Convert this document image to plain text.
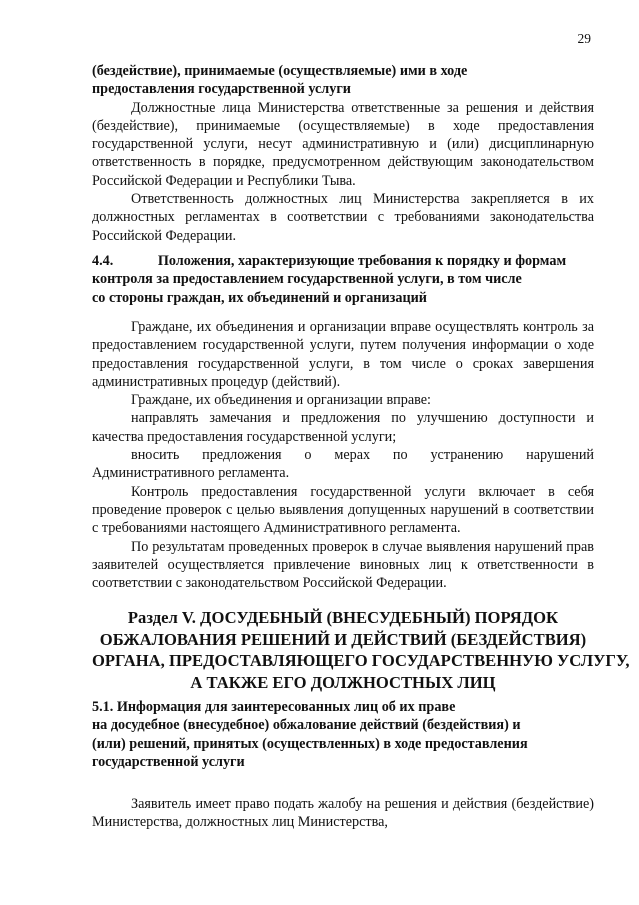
29

(бездействие), принимаемые (осуществляемые) ими в ходе

предоставления государственной услуги

Должностные лица Министерства ответственные за решения и действия (бездействие), принимаемые (осуществляемые) в ходе предоставления государственной услуги, несут административную и (или) дисциплинарную ответственность в порядке, предусмотренном действующим законодательством Российской Федерации и Республики Тыва.

Ответственность должностных лиц Министерства закрепляется в их должностных регламентах в соответствии с требованиями законодательства Российской Федерации.

4.4.	Положения, характеризующие требования к порядку и формам

контроля за предоставлением государственной услуги, в том числе

со стороны граждан, их объединений и организаций

Граждане, их объединения и организации вправе осуществлять контроль за предоставлением государственной услуги, путем получения информации о ходе предоставления государственной услуги, в том числе о сроках завершения административных процедур (действий).

Граждане, их объединения и организации вправе:

направлять замечания и предложения по улучшению доступности и качества предоставления государственной услуги;

вносить предложения о мерах по устранению нарушений Административного регламента.

Контроль предоставления государственной услуги включает в себя проведение проверок с целью выявления допущенных нарушений в соответствии с требованиями настоящего Административного регламента.

По результатам проведенных проверок в случае выявления нарушений прав заявителей осуществляется привлечение виновных лиц к ответственности в соответствии с законодательством Российской Федерации.

Раздел V. ДОСУДЕБНЫЙ (ВНЕСУДЕБНЫЙ) ПОРЯДОК
ОБЖАЛОВАНИЯ РЕШЕНИЙ И ДЕЙСТВИЙ (БЕЗДЕЙСТВИЯ)
ОРГАНА, ПРЕДОСТАВЛЯЮЩЕГО ГОСУДАРСТВЕННУЮ УСЛУГУ,
А ТАКЖЕ ЕГО ДОЛЖНОСТНЫХ ЛИЦ

5.1. Информация для заинтересованных лиц об их праве

на досудебное (внесудебное) обжалование действий (бездействия) и

(или) решений, принятых (осуществленных) в ходе предоставления

государственной услуги

Заявитель имеет право подать жалобу на решения и действия (бездействие) Министерства, должностных лиц Министерства,
